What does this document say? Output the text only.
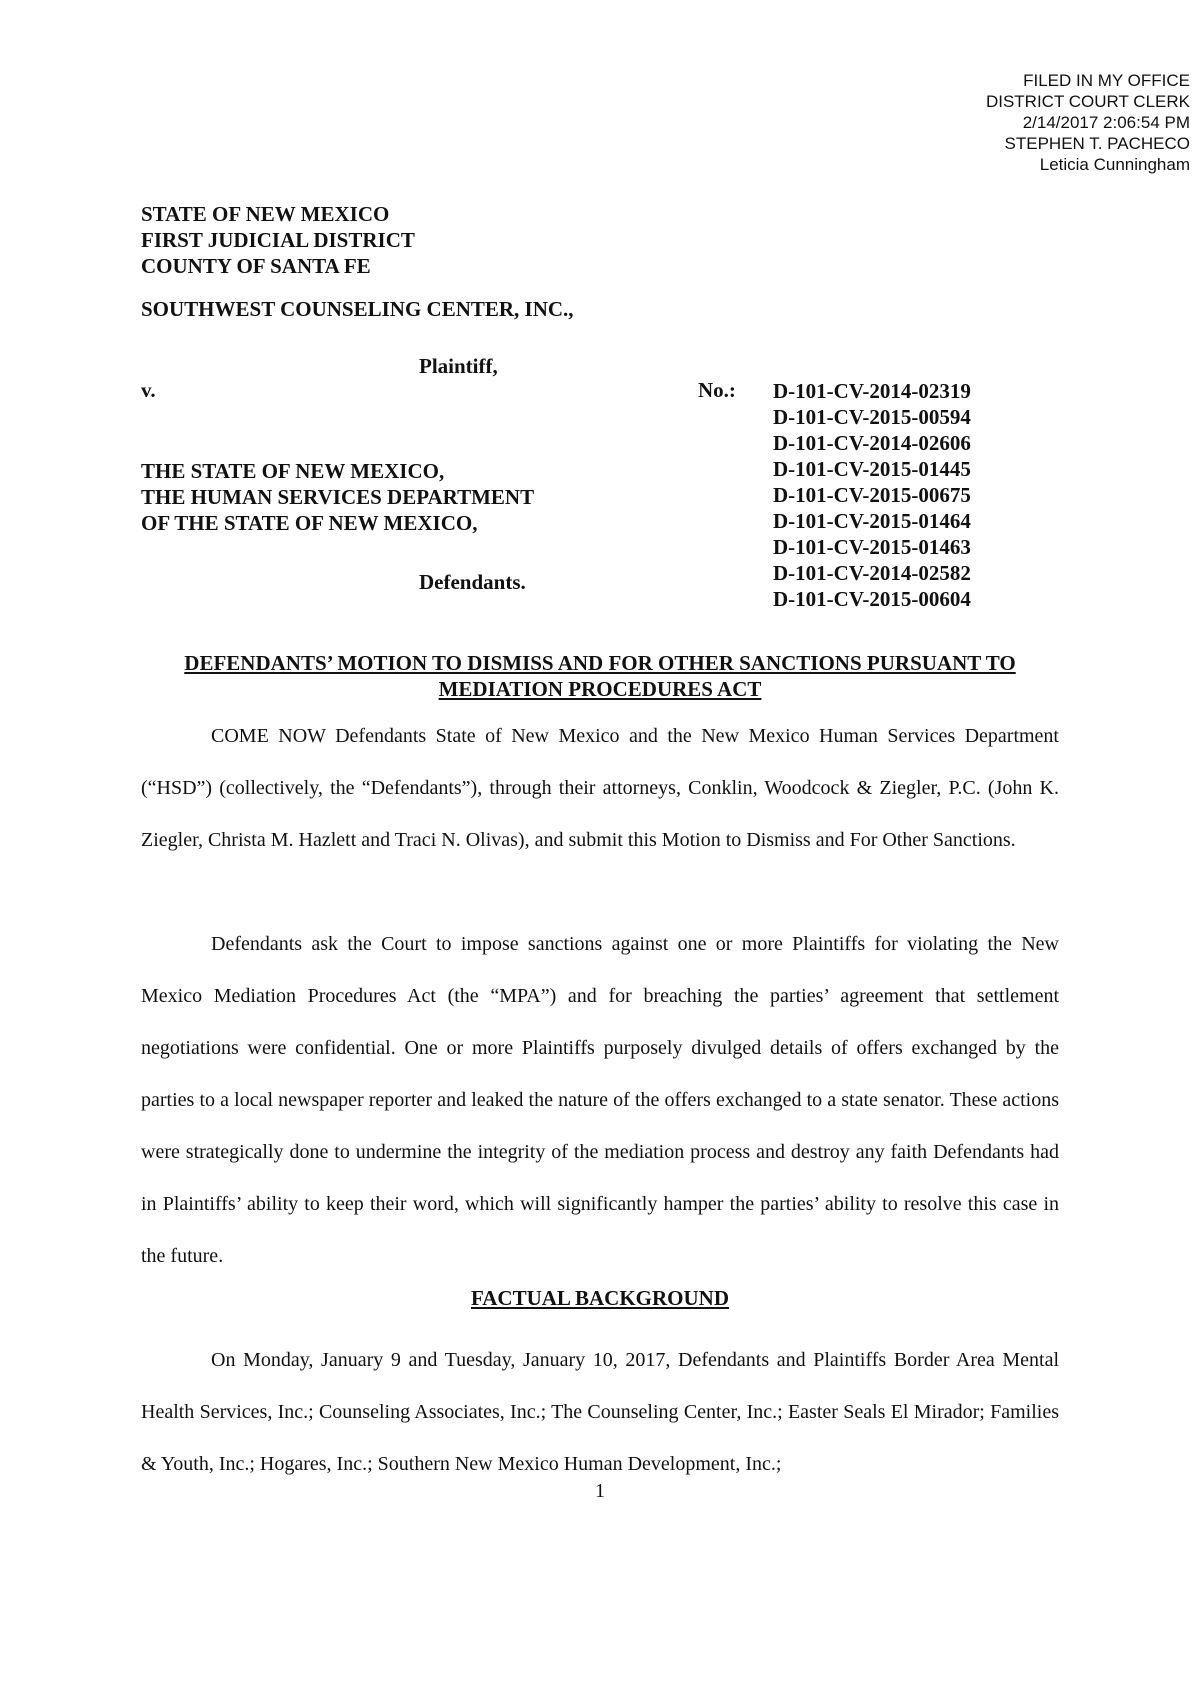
FILED IN MY OFFICE
DISTRICT COURT CLERK
2/14/2017 2:06:54 PM
STEPHEN T. PACHECO
Leticia Cunningham
STATE OF NEW MEXICO
FIRST JUDICIAL DISTRICT
COUNTY OF SANTA FE
SOUTHWEST COUNSELING CENTER, INC.,
Plaintiff,
v.	No.: D-101-CV-2014-02319
D-101-CV-2015-00594
D-101-CV-2014-02606
D-101-CV-2015-01445
D-101-CV-2015-00675
D-101-CV-2015-01464
D-101-CV-2015-01463
D-101-CV-2014-02582
D-101-CV-2015-00604
THE STATE OF NEW MEXICO,
THE HUMAN SERVICES DEPARTMENT
OF THE STATE OF NEW MEXICO,
Defendants.
DEFENDANTS’ MOTION TO DISMISS AND FOR OTHER SANCTIONS PURSUANT TO
MEDIATION PROCEDURES ACT

COME NOW Defendants State of New Mexico and the New Mexico Human Services Department (“HSD”) (collectively, the “Defendants”), through their attorneys, Conklin, Woodcock & Ziegler, P.C. (John K. Ziegler, Christa M. Hazlett and Traci N. Olivas), and submit this Motion to Dismiss and For Other Sanctions.

Defendants ask the Court to impose sanctions against one or more Plaintiffs for violating the New Mexico Mediation Procedures Act (the “MPA”) and for breaching the parties’ agreement that settlement negotiations were confidential. One or more Plaintiffs purposely divulged details of offers exchanged by the parties to a local newspaper reporter and leaked the nature of the offers exchanged to a state senator. These actions were strategically done to undermine the integrity of the mediation process and destroy any faith Defendants had in Plaintiffs’ ability to keep their word, which will significantly hamper the parties’ ability to resolve this case in the future.

FACTUAL BACKGROUND

On Monday, January 9 and Tuesday, January 10, 2017, Defendants and Plaintiffs Border Area Mental Health Services, Inc.; Counseling Associates, Inc.; The Counseling Center, Inc.; Easter Seals El Mirador; Families & Youth, Inc.; Hogares, Inc.; Southern New Mexico Human Development, Inc.;

1
